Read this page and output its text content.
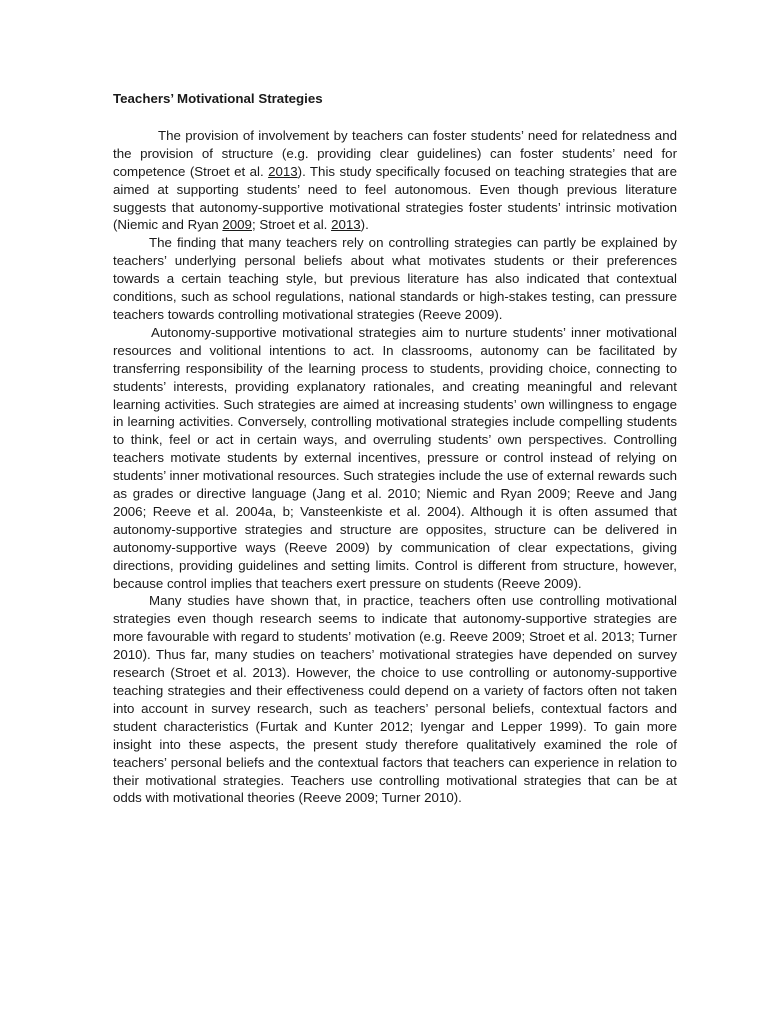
Teachers’ Motivational Strategies

The provision of involvement by teachers can foster students’ need for relatedness and the provision of structure (e.g. providing clear guidelines) can foster students’ need for competence (Stroet et al. 2013). This study specifically focused on teaching strategies that are aimed at supporting students’ need to feel autonomous. Even though previous literature suggests that autonomy-supportive motivational strategies foster students’ intrinsic motivation (Niemic and Ryan 2009; Stroet et al. 2013).

The finding that many teachers rely on controlling strategies can partly be explained by teachers’ underlying personal beliefs about what motivates students or their preferences towards a certain teaching style, but previous literature has also indicated that contextual conditions, such as school regulations, national standards or high-stakes testing, can pressure teachers towards controlling motivational strategies (Reeve 2009).

Autonomy-supportive motivational strategies aim to nurture students’ inner motivational resources and volitional intentions to act. In classrooms, autonomy can be facilitated by transferring responsibility of the learning process to students, providing choice, connecting to students’ interests, providing explanatory rationales, and creating meaningful and relevant learning activities. Such strategies are aimed at increasing students’ own willingness to engage in learning activities. Conversely, controlling motivational strategies include compelling students to think, feel or act in certain ways, and overruling students’ own perspectives. Controlling teachers motivate students by external incentives, pressure or control instead of relying on students’ inner motivational resources. Such strategies include the use of external rewards such as grades or directive language (Jang et al. 2010; Niemic and Ryan 2009; Reeve and Jang 2006; Reeve et al. 2004a, b; Vansteenkiste et al. 2004). Although it is often assumed that autonomy-supportive strategies and structure are opposites, structure can be delivered in autonomy-supportive ways (Reeve 2009) by communication of clear expectations, giving directions, providing guidelines and setting limits. Control is different from structure, however, because control implies that teachers exert pressure on students (Reeve 2009).

Many studies have shown that, in practice, teachers often use controlling motivational strategies even though research seems to indicate that autonomy-supportive strategies are more favourable with regard to students’ motivation (e.g. Reeve 2009; Stroet et al. 2013; Turner 2010). Thus far, many studies on teachers’ motivational strategies have depended on survey research (Stroet et al. 2013). However, the choice to use controlling or autonomy-supportive teaching strategies and their effectiveness could depend on a variety of factors often not taken into account in survey research, such as teachers’ personal beliefs, contextual factors and student characteristics (Furtak and Kunter 2012; Iyengar and Lepper 1999). To gain more insight into these aspects, the present study therefore qualitatively examined the role of teachers’ personal beliefs and the contextual factors that teachers can experience in relation to their motivational strategies. Teachers use controlling motivational strategies that can be at odds with motivational theories (Reeve 2009; Turner 2010).
